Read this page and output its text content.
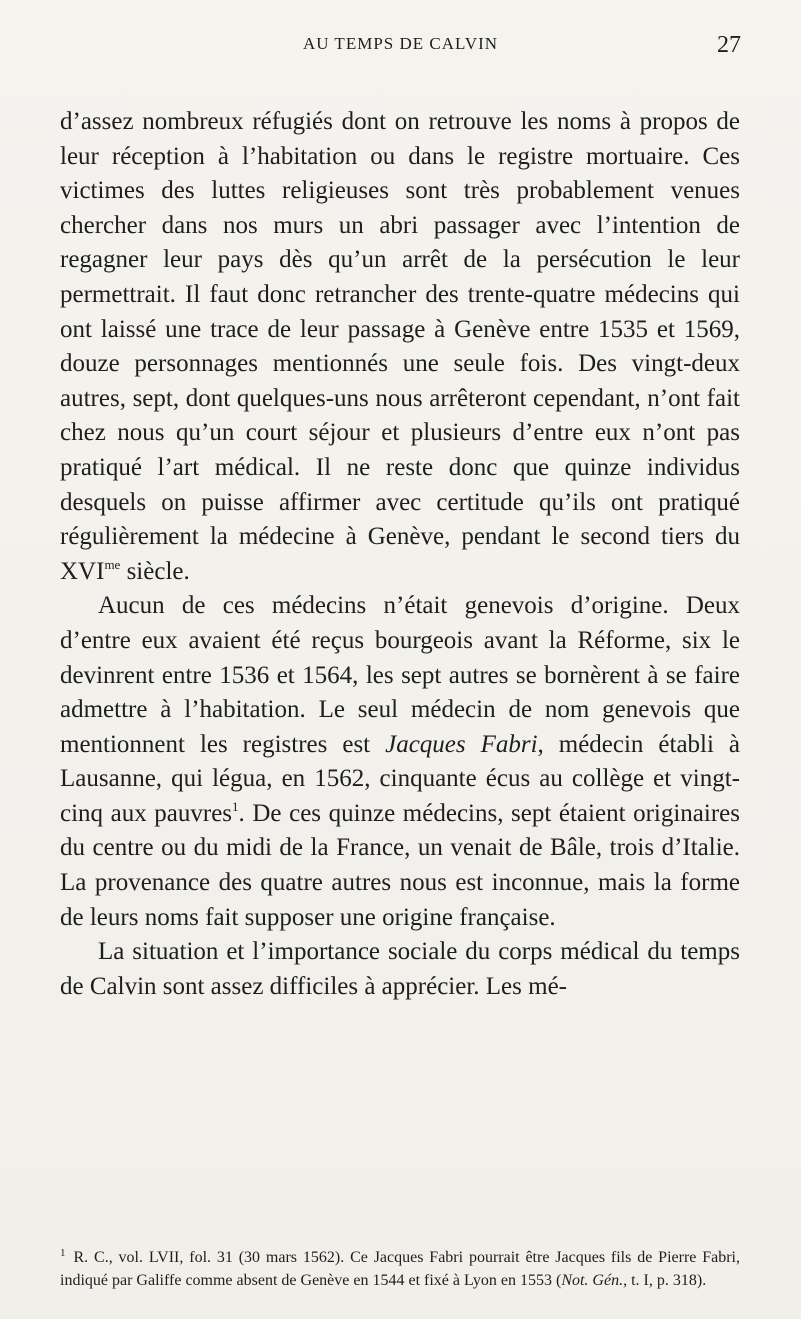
AU TEMPS DE CALVIN	27

d’assez nombreux réfugiés dont on retrouve les noms à propos de leur réception à l’habitation ou dans le registre mortuaire. Ces victimes des luttes religieuses sont très probablement venues chercher dans nos murs un abri passager avec l’intention de regagner leur pays dès qu’un arrêt de la persécution le leur permettrait. Il faut donc retrancher des trente-quatre médecins qui ont laissé une trace de leur passage à Genève entre 1535 et 1569, douze personnages mentionnés une seule fois. Des vingt-deux autres, sept, dont quelques-uns nous arrêteront cependant, n’ont fait chez nous qu’un court séjour et plusieurs d’entre eux n’ont pas pratiqué l’art médical. Il ne reste donc que quinze individus desquels on puisse affirmer avec certitude qu’ils ont pratiqué régulièrement la médecine à Genève, pendant le second tiers du $XVI^{me}$ siècle.

Aucun de ces médecins n’était genevois d’origine. Deux d’entre eux avaient été reçus bourgeois avant la Réforme, six le devinrent entre 1536 et 1564, les sept autres se bornèrent à se faire admettre à l’habitation. Le seul médecin de nom genevois que mentionnent les registres est Jacques Fabri, médecin établi à Lausanne, qui légua, en 1562, cinquante écus au collège et vingt-cinq aux pauvres$^1$. De ces quinze médecins, sept étaient originaires du centre ou du midi de la France, un venait de Bâle, trois d’Italie. La provenance des quatre autres nous est inconnue, mais la forme de leurs noms fait supposer une origine française.

La situation et l’importance sociale du corps médical du temps de Calvin sont assez difficiles à apprécier. Les mé-

$^1$ R. C., vol. LVII, fol. 31 (30 mars 1562). Ce Jacques Fabri pourrait être Jacques fils de Pierre Fabri, indiqué par Galiffe comme absent de Genève en 1544 et fixé à Lyon en 1553 (Not. Gén., t. I, p. 318).
